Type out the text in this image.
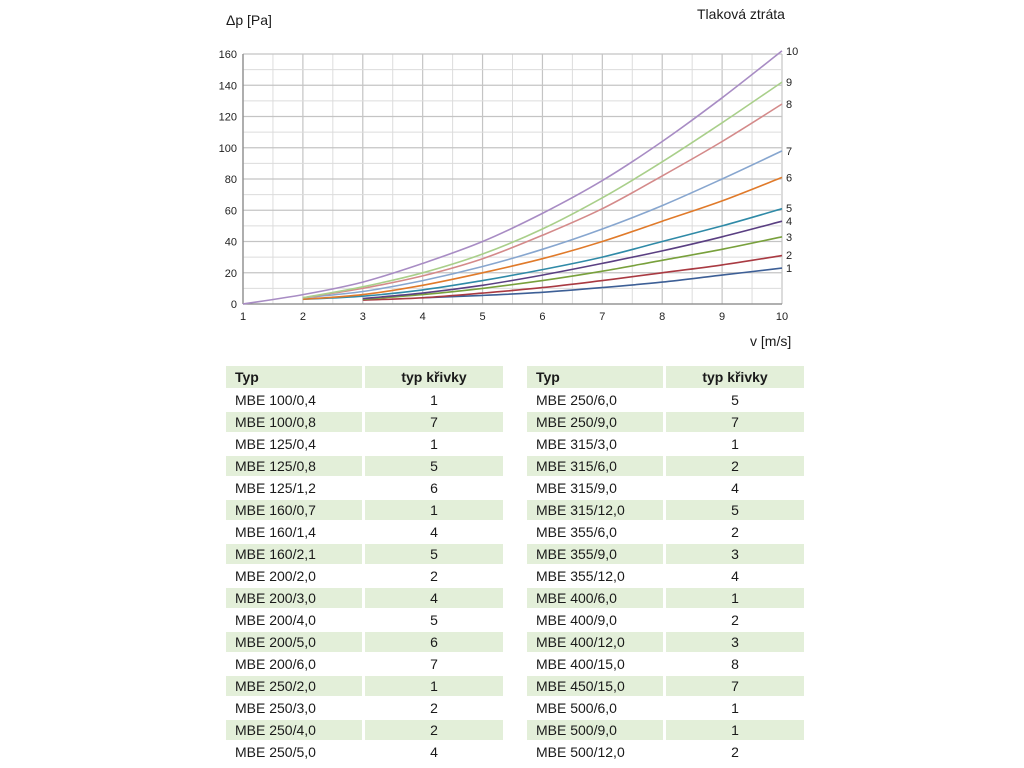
Δp [Pa]	Tlaková ztráta
0
20
40
60
80
100
120
140
160
1	2	3	4	5	6	7	8	9	10
1
2
3
4
5
6
7
8
9
10
v [m/s]
Typ		typ křivky
MBE 100/0,4		1
MBE 100/0,8		7
MBE 125/0,4		1
MBE 125/0,8		5
MBE 125/1,2		6
MBE 160/0,7		1
MBE 160/1,4		4
MBE 160/2,1		5
MBE 200/2,0		2
MBE 200/3,0		4
MBE 200/4,0		5
MBE 200/5,0		6
MBE 200/6,0		7
MBE 250/2,0		1
MBE 250/3,0		2
MBE 250/4,0		2
MBE 250/5,0		4
Typ		typ křivky
MBE 250/6,0		5
MBE 250/9,0		7
MBE 315/3,0		1
MBE 315/6,0		2
MBE 315/9,0		4
MBE 315/12,0		5
MBE 355/6,0		2
MBE 355/9,0		3
MBE 355/12,0		4
MBE 400/6,0		1
MBE 400/9,0		2
MBE 400/12,0		3
MBE 400/15,0		8
MBE 450/15,0		7
MBE 500/6,0		1
MBE 500/9,0		1
MBE 500/12,0		2
